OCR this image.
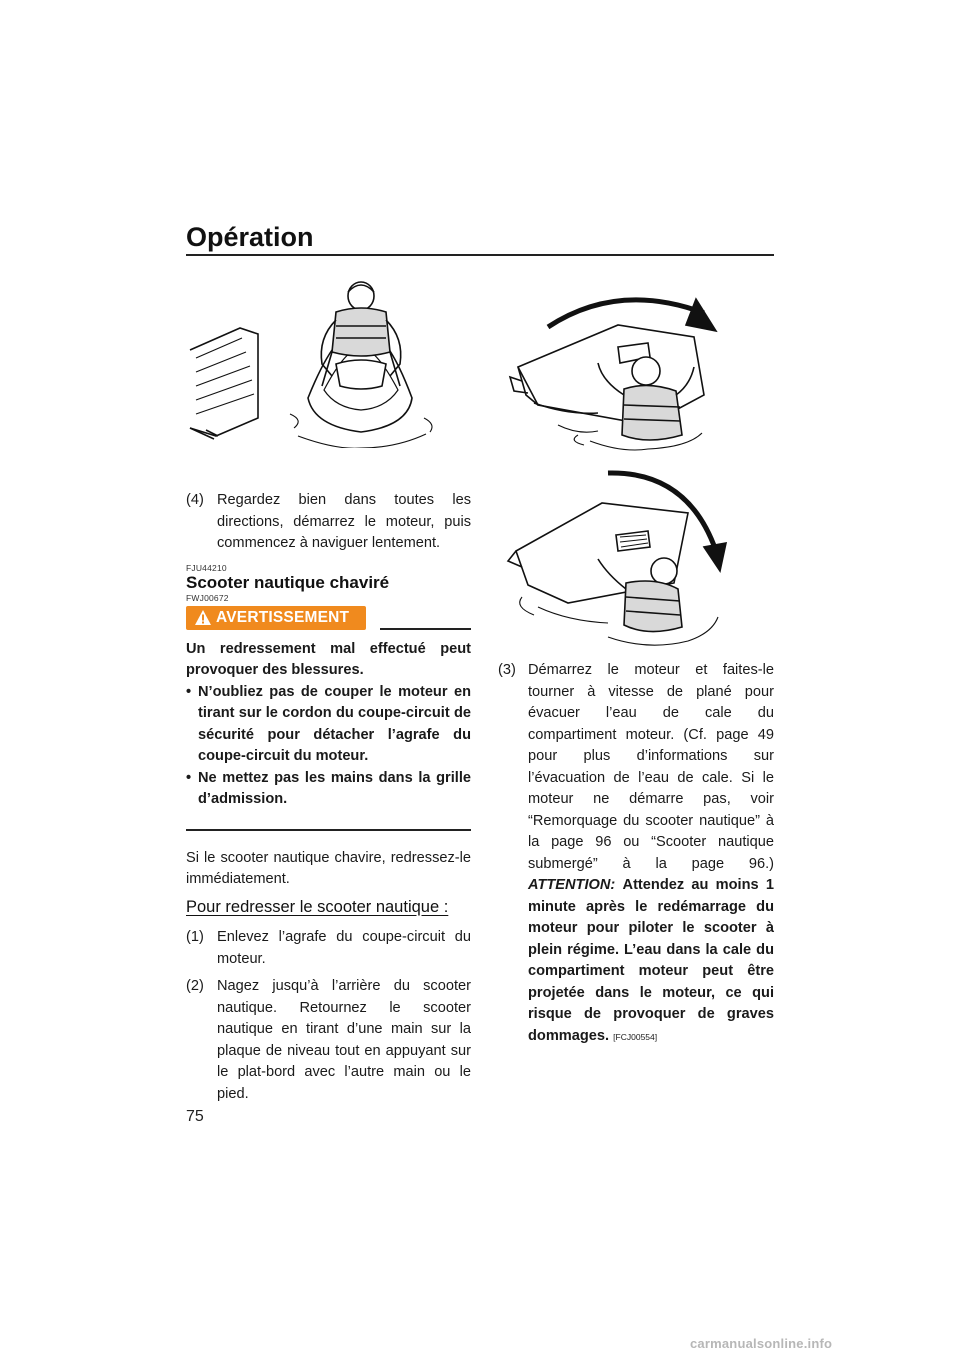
Opération
(4) Regardez bien dans toutes les directions, démarrez le moteur, puis commencez à naviguer lentement.
FJU44210
Scooter nautique chaviré
FWJ00672
AVERTISSEMENT

Un redressement mal effectué peut provoquer des blessures.

• N’oubliez pas de couper le moteur en tirant sur le cordon du coupe-circuit de sécurité pour détacher l’agrafe du coupe-circuit du moteur.
• Ne mettez pas les mains dans la grille d’admission.

Si le scooter nautique chavire, redressez-le immédiatement.

Pour redresser le scooter nautique :
(1) Enlevez l’agrafe du coupe-circuit du moteur.
(2) Nagez jusqu’à l’arrière du scooter nautique. Retournez le scooter nautique en tirant d’une main sur la plaque de niveau tout en appuyant sur le plat-bord avec l’autre main ou le pied.
(3) Démarrez le moteur et faites-le tourner à vitesse de plané pour évacuer l’eau de cale du compartiment moteur. (Cf. page 49 pour plus d’informations sur l’évacuation de l’eau de cale. Si le moteur ne démarre pas, voir “Remorquage du scooter nautique” à la page 96 ou “Scooter nautique submergé” à la page 96.) ATTENTION: Attendez au moins 1 minute après le redémarrage du moteur pour piloter le scooter à plein régime. L’eau dans la cale du compartiment moteur peut être projetée dans le moteur, ce qui risque de provoquer de graves dommages. [FCJ00554]
75
carmanualsonline.info
